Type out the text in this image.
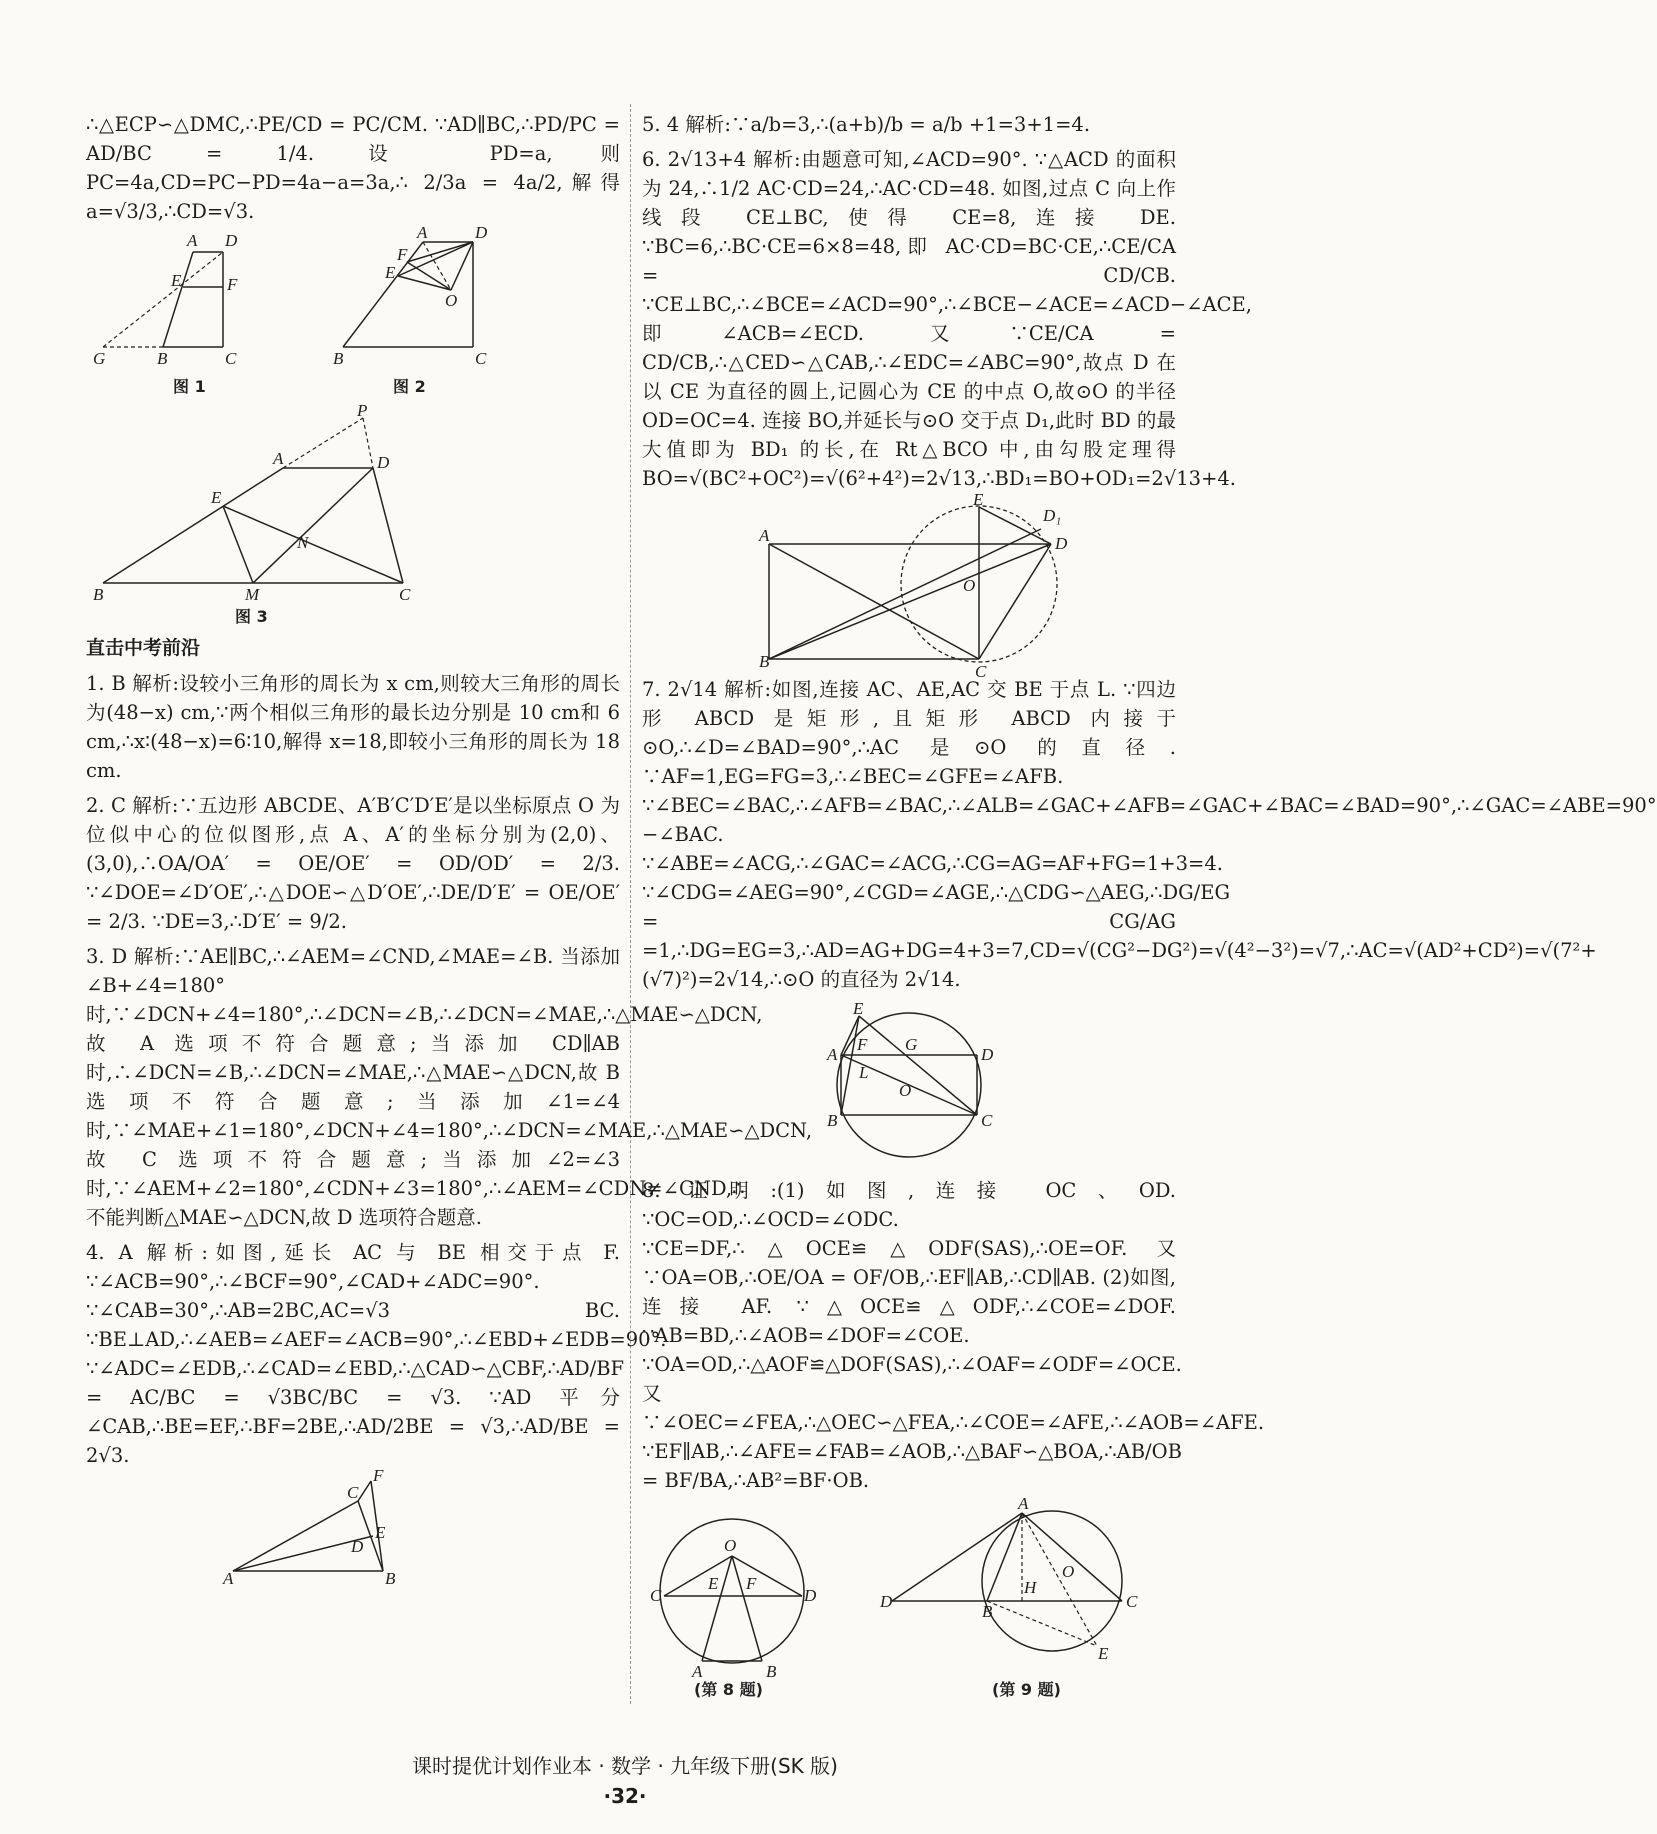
∴△ECP∽△DMC,∴PE/CD = PC/CM. ∵AD∥BC,∴PD/PC = AD/BC = 1/4. 设 PD=a,则 PC=4a,CD=PC−PD=4a−a=3a,∴ 2/3a = 4a/2,解得 a=√3/3,∴CD=√3.

A D
E	F
G	B	C
图 1
A	D
F
E
O
B	C
图 2
P
A	D
E
N
B	M	C
图 3

直击中考前沿

1. B 解析:设较小三角形的周长为 x cm,则较大三角形的周长为(48−x) cm,∵两个相似三角形的最长边分别是 10 cm和 6 cm,∴x∶(48−x)=6∶10,解得 x=18,即较小三角形的周长为 18 cm.

2. C 解析:∵五边形 ABCDE、A′B′C′D′E′是以坐标原点 O 为位似中心的位似图形,点 A、A′的坐标分别为(2,0)、(3,0),∴OA/OA′ = OE/OE′ = OD/OD′ = 2/3. ∵∠DOE=∠D′OE′,∴△DOE∽△D′OE′,∴DE/D′E′ = OE/OE′ = 2/3. ∵DE=3,∴D′E′ = 9/2.

3. D 解析:∵AE∥BC,∴∠AEM=∠CND,∠MAE=∠B. 当添加∠B+∠4=180°时,∵∠DCN+∠4=180°,∴∠DCN=∠B,∴∠DCN=∠MAE,∴△MAE∽△DCN,故 A 选项不符合题意;当添加 CD∥AB 时,∴∠DCN=∠B,∴∠DCN=∠MAE,∴△MAE∽△DCN,故 B 选项不符合题意;当添加∠1=∠4 时,∵∠MAE+∠1=180°,∠DCN+∠4=180°,∴∠DCN=∠MAE,∴△MAE∽△DCN,故 C 选项不符合题意;当添加∠2=∠3 时,∵∠AEM+∠2=180°,∠CDN+∠3=180°,∴∠AEM=∠CDN≠∠CND,∴不能判断△MAE∽△DCN,故 D 选项符合题意.

4. A 解析:如图,延长 AC 与 BE 相交于点 F. ∵∠ACB=90°,∴∠BCF=90°,∠CAD+∠ADC=90°. ∵∠CAB=30°,∴AB=2BC,AC=√3 BC. ∵BE⊥AD,∴∠AEB=∠AEF=∠ACB=90°,∴∠EBD+∠EDB=90°. ∵∠ADC=∠EDB,∴∠CAD=∠EBD,∴△CAD∽△CBF,∴AD/BF = AC/BC = √3BC/BC = √3. ∵AD 平分∠CAB,∴BE=EF,∴BF=2BE,∴AD/2BE = √3,∴AD/BE = 2√3.

A	B
C
F
E
D

5. 4 解析:∵a/b=3,∴(a+b)/b = a/b +1=3+1=4.

6. 2√13+4 解析:由题意可知,∠ACD=90°. ∵△ACD 的面积为 24,∴1/2 AC·CD=24,∴AC·CD=48. 如图,过点 C 向上作线段 CE⊥BC,使得 CE=8,连接 DE. ∵BC=6,∴BC·CE=6×8=48,即 AC·CD=BC·CE,∴CE/CA = CD/CB. ∵CE⊥BC,∴∠BCE=∠ACD=90°,∴∠BCE−∠ACE=∠ACD−∠ACE,即∠ACB=∠ECD. 又∵CE/CA = CD/CB,∴△CED∽△CAB,∴∠EDC=∠ABC=90°,故点 D 在以 CE 为直径的圆上,记圆心为 CE 的中点 O,故⊙O 的半径 OD=OC=4. 连接 BO,并延长与⊙O 交于点 D₁,此时 BD 的最大值即为 BD₁ 的长,在 Rt△BCO 中,由勾股定理得 BO=√(BC²+OC²)=√(6²+4²)=2√13,∴BD₁=BO+OD₁=2√13+4.

A
B
E
D₁
D
O
C

7. 2√14 解析:如图,连接 AC、AE,AC 交 BE 于点 L. ∵四边形 ABCD 是矩形,且矩形 ABCD 内接于⊙O,∴∠D=∠BAD=90°,∴AC 是⊙O 的直径. ∵AF=1,EG=FG=3,∴∠BEC=∠GFE=∠AFB. ∵∠BEC=∠BAC,∴∠AFB=∠BAC,∴∠ALB=∠GAC+∠AFB=∠GAC+∠BAC=∠BAD=90°,∴∠GAC=∠ABE=90°−∠BAC. ∵∠ABE=∠ACG,∴∠GAC=∠ACG,∴CG=AG=AF+FG=1+3=4. ∵∠CDG=∠AEG=90°,∠CGD=∠AGE,∴△CDG∽△AEG,∴DG/EG = CG/AG =1,∴DG=EG=3,∴AD=AG+DG=4+3=7,CD=√(CG²−DG²)=√(4²−3²)=√7,∴AC=√(AD²+CD²)=√(7²+(√7)²)=2√14,∴⊙O 的直径为 2√14.

E
A
F G
D
L
O
B	C

8. 证明:(1)如图,连接 OC、OD. ∵OC=OD,∴∠OCD=∠ODC. ∵CE=DF,∴△OCE≌△ODF(SAS),∴OE=OF. 又∵OA=OB,∴OE/OA = OF/OB,∴EF∥AB,∴CD∥AB. (2)如图,连接 AF. ∵△OCE≌△ODF,∴∠COE=∠DOF. ∵AB=BD,∴∠AOB=∠DOF=∠COE. ∵OA=OD,∴△AOF≌△DOF(SAS),∴∠OAF=∠ODF=∠OCE. 又∵∠OEC=∠FEA,∴△OEC∽△FEA,∴∠COE=∠AFE,∴∠AOB=∠AFE. ∵EF∥AB,∴∠AFE=∠FAB=∠AOB,∴△BAF∽△BOA,∴AB/OB = BF/BA,∴AB²=BF·OB.

O
C	D
E F
A	B
(第 8 题)
A
D
B
H
O
C
E
(第 9 题)
课时提优计划作业本 · 数学 · 九年级下册(SK 版)
·32·
